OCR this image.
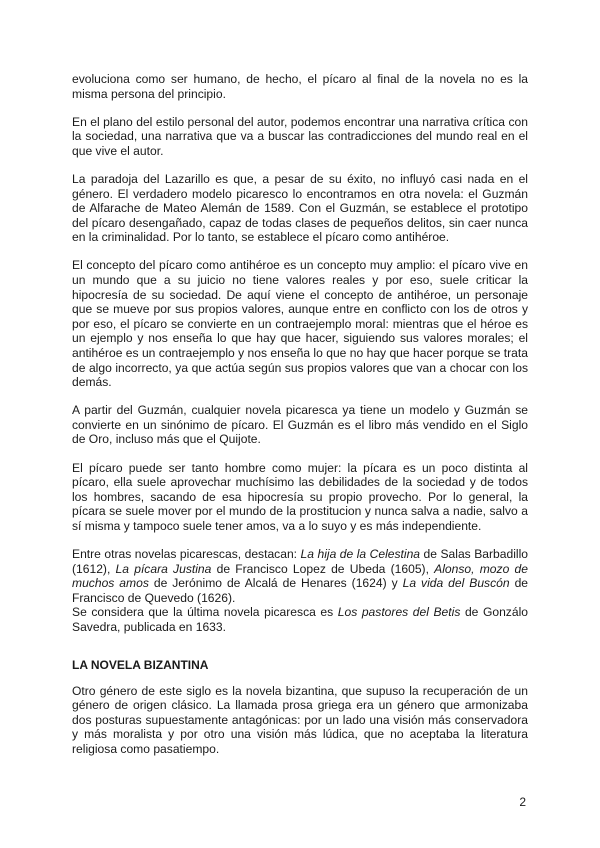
evoluciona como ser humano, de hecho, el pícaro al final de la novela no es la misma persona del principio.

En el plano del estilo personal del autor, podemos encontrar una narrativa crítica con la sociedad, una narrativa que va a buscar las contradicciones del mundo real en el que vive el autor.

La paradoja del Lazarillo es que, a pesar de su éxito, no influyó casi nada en el género. El verdadero modelo picaresco lo encontramos en otra novela: el Guzmán de Alfarache de Mateo Alemán de 1589. Con el Guzmán, se establece el prototipo del pícaro desengañado, capaz de todas clases de pequeños delitos, sin caer nunca en la criminalidad. Por lo tanto, se establece el pícaro como antihéroe.

El concepto del pícaro como antihéroe es un concepto muy amplio: el pícaro vive en un mundo que a su juicio no tiene valores reales y por eso, suele criticar la hipocresía de su sociedad. De aquí viene el concepto de antihéroe, un personaje que se mueve por sus propios valores, aunque entre en conflicto con los de otros y por eso, el pícaro se convierte en un contraejemplo moral: mientras que el héroe es un ejemplo y nos enseña lo que hay que hacer, siguiendo sus valores morales; el antihéroe es un contraejemplo y nos enseña lo que no hay que hacer porque se trata de algo incorrecto, ya que actúa según sus propios valores que van a chocar con los demás.

A partir del Guzmán, cualquier novela picaresca ya tiene un modelo y Guzmán se convierte en un sinónimo de pícaro. El Guzmán es el libro más vendido en el Siglo de Oro, incluso más que el Quijote.

El pícaro puede ser tanto hombre como mujer: la pícara es un poco distinta al pícaro, ella suele aprovechar muchísimo las debilidades de la sociedad y de todos los hombres, sacando de esa hipocresía su propio provecho. Por lo general, la pícara se suele mover por el mundo de la prostitucion y nunca salva a nadie, salvo a sí misma y tampoco suele tener amos, va a lo suyo y es más independiente.

Entre otras novelas picarescas, destacan: La hija de la Celestina de Salas Barbadillo (1612), La pícara Justina de Francisco Lopez de Ubeda (1605), Alonso, mozo de muchos amos de Jerónimo de Alcalá de Henares (1624) y La vida del Buscón de Francisco de Quevedo (1626).

Se considera que la última novela picaresca es Los pastores del Betis de Gonzálo Savedra, publicada en 1633.

LA NOVELA BIZANTINA

Otro género de este siglo es la novela bizantina, que supuso la recuperación de un género de origen clásico. La llamada prosa griega era un género que armonizaba dos posturas supuestamente antagónicas: por un lado una visión más conservadora y más moralista y por otro una visión más lúdica, que no aceptaba la literatura religiosa como pasatiempo.

2
